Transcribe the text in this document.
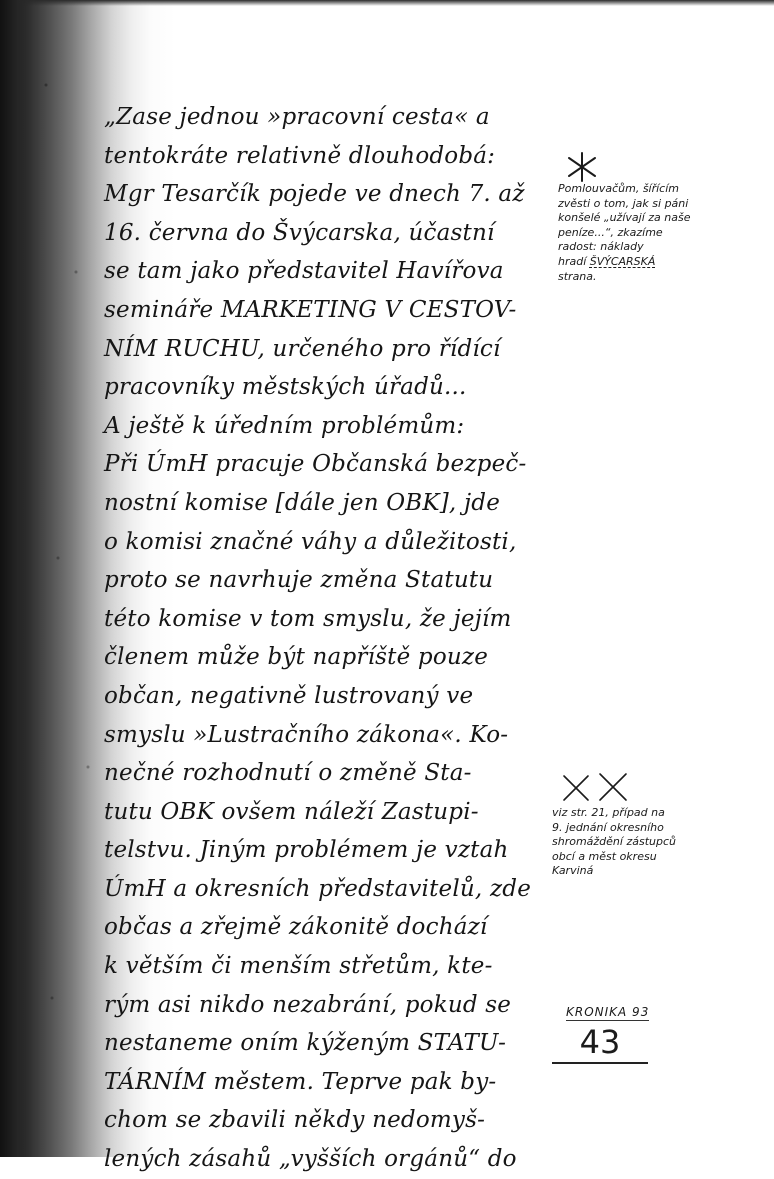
„Zase jednou »pracovní cesta« a
tentokráte relativně dlouhodobá:
Mgr Tesarčík pojede ve dnech 7. až
16. června do Švýcarska, účastní
se tam jako představitel Havířova
semináře MARKETING V CESTOV-
NÍM RUCHU, určeného pro řídící
pracovníky městských úřadů...
A ještě k úředním problémům:
Při ÚmH pracuje Občanská bezpeč-
nostní komise [dále jen OBK], jde
o komisi značné váhy a důležitosti,
proto se navrhuje změna Statutu
této komise v tom smyslu, že jejím
členem může být napříště pouze
občan, negativně lustrovaný ve
smyslu »Lustračního zákona«. Ko-
nečné rozhodnutí o změně Sta-
tutu OBK ovšem náleží Zastupi-
telstvu. Jiným problémem je vztah
ÚmH a okresních představitelů, zde
občas a zřejmě zákonitě dochází
k větším či menším střetům, kte-
rým asi nikdo nezabrání, pokud se
nestaneme oním kýženým STATU-
TÁRNÍM městem. Teprve pak by-
chom se zbavili někdy nedomyš-
lených zásahů „vyšších orgánů“ do
Pomlouvačům, šířícím
zvěsti o tom, jak si páni
konšelé „užívají za naše
peníze...“, zkazíme
radost: náklady
hradí ŠVÝCARSKÁ
strana.
viz str. 21, případ na
9. jednání okresního
shromáždění zástupců
obcí a měst okresu
Karviná
KRONIKA 93
43
